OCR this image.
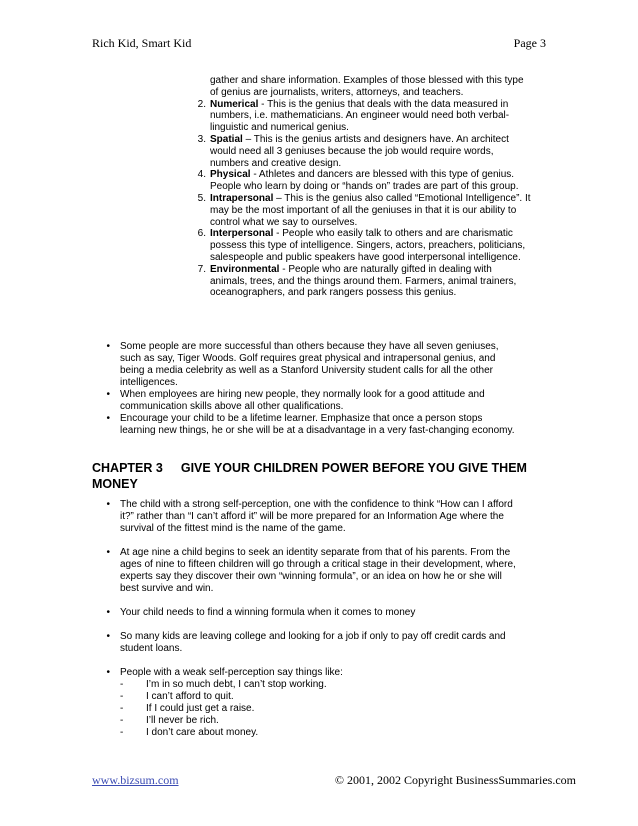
Rich Kid, Smart Kid	Page 3
gather and share information. Examples of those blessed with this type
of genius are journalists, writers, attorneys, and teachers.
2. Numerical - This is the genius that deals with the data measured in
numbers, i.e. mathematicians. An engineer would need both verbal-
linguistic and numerical genius.
3. Spatial – This is the genius artists and designers have. An architect
would need all 3 geniuses because the job would require words,
numbers and creative design.
4. Physical - Athletes and dancers are blessed with this type of genius.
People who learn by doing or “hands on” trades are part of this group.
5. Intrapersonal – This is the genius also called “Emotional Intelligence”. It
may be the most important of all the geniuses in that it is our ability to
control what we say to ourselves.
6. Interpersonal - People who easily talk to others and are charismatic
possess this type of intelligence. Singers, actors, preachers, politicians,
salespeople and public speakers have good interpersonal intelligence.
7. Environmental - People who are naturally gifted in dealing with
animals, trees, and the things around them. Farmers, animal trainers,
oceanographers, and park rangers possess this genius.
•	Some people are more successful than others because they have all seven geniuses,
such as say, Tiger Woods. Golf requires great physical and intrapersonal genius, and
being a media celebrity as well as a Stanford University student calls for all the other
intelligences.
•	When employees are hiring new people, they normally look for a good attitude and
communication skills above all other qualifications.
•	Encourage your child to be a lifetime learner. Emphasize that once a person stops
learning new things, he or she will be at a disadvantage in a very fast-changing economy.
CHAPTER 3 GIVE YOUR CHILDREN POWER BEFORE YOU GIVE THEM
MONEY
•	The child with a strong self-perception, one with the confidence to think “How can I afford
it?” rather than “I can’t afford it” will be more prepared for an Information Age where the
survival of the fittest mind is the name of the game.
•	At age nine a child begins to seek an identity separate from that of his parents. From the
ages of nine to fifteen children will go through a critical stage in their development, where,
experts say they discover their own “winning formula”, or an idea on how he or she will
best survive and win.
•	Your child needs to find a winning formula when it comes to money
•	So many kids are leaving college and looking for a job if only to pay off credit cards and
student loans.
•	People with a weak self-perception say things like:
-	I’m in so much debt, I can’t stop working.
-	I can’t afford to quit.
-	If I could just get a raise.
-	I’ll never be rich.
-	I don’t care about money.
www.bizsum.com	© 2001, 2002 Copyright BusinessSummaries.com
